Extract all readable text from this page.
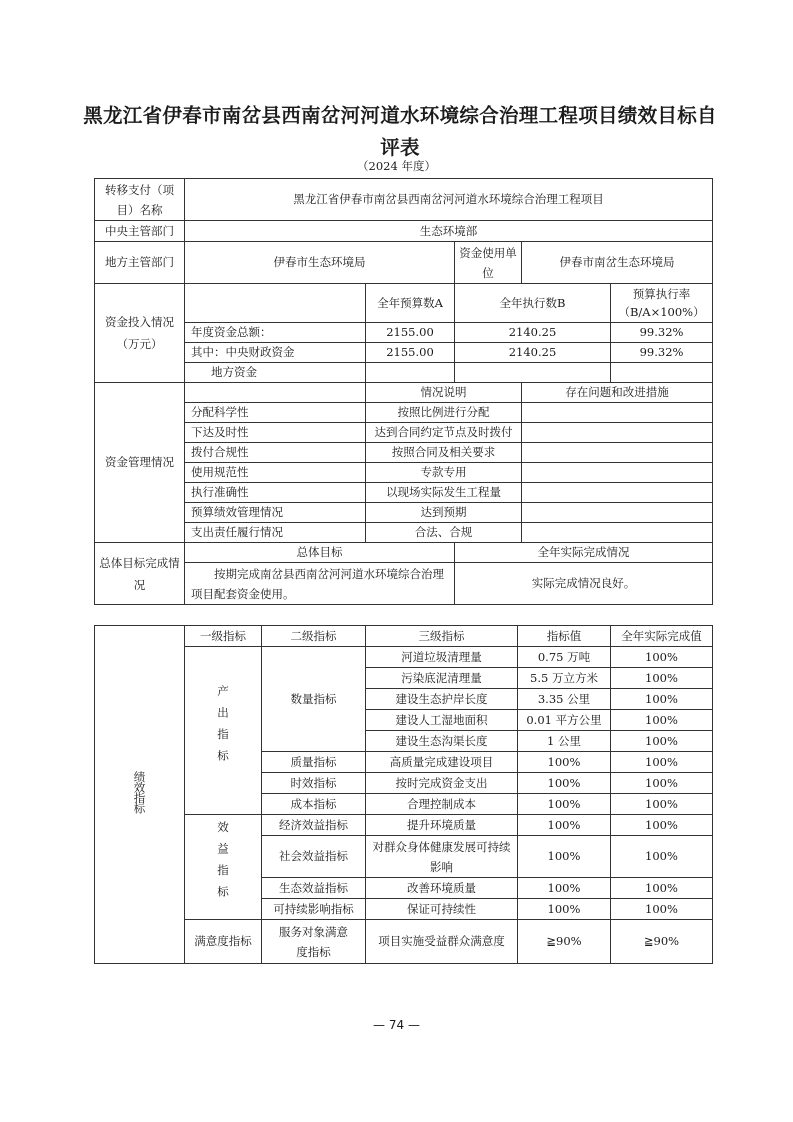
黑龙江省伊春市南岔县西南岔河河道水环境综合治理工程项目绩效目标自评表
（2024 年度）
转移支付（项目）名称	黑龙江省伊春市南岔县西南岔河河道水环境综合治理工程项目				
中央主管部门	生态环境部				
地方主管部门	伊春市生态环境局		资金使用单位	伊春市南岔生态环境局	
资金投入情况（万元）		全年预算数A	全年执行数B		预算执行率（B/A×100%）
	年度资金总额：	2155.00	2140.25		99.32%
	其中：中央财政资金	2155.00	2140.25		99.32%
	地方资金				
资金管理情况		情况说明		存在问题和改进措施	
	分配科学性	按照比例进行分配			
	下达及时性	达到合同约定节点及时拨付			
	拨付合规性	按照合同及相关要求			
	使用规范性	专款专用			
	执行准确性	以现场实际发生工程量			
	预算绩效管理情况	达到预期			
	支出责任履行情况	合法、合规			
总体目标完成情况	总体目标		全年实际完成情况		
	按期完成南岔县西南岔河河道水环境综合治理项目配套资金使用。		实际完成情况良好。		
绩效指标	一级指标	二级指标	三级指标	指标值	全年实际完成值
	产出指标	数量指标	河道垃圾清理量	0.75 万吨	100%
			污染底泥清理量	5.5 万立方米	100%
			建设生态护岸长度	3.35 公里	100%
			建设人工湿地面积	0.01 平方公里	100%
			建设生态沟渠长度	1 公里	100%
		质量指标	高质量完成建设项目	100%	100%
		时效指标	按时完成资金支出	100%	100%
		成本指标	合理控制成本	100%	100%
	效益指标	经济效益指标	提升环境质量	100%	100%
		社会效益指标	对群众身体健康发展可持续影响	100%	100%
		生态效益指标	改善环境质量	100%	100%
		可持续影响指标	保证可持续性	100%	100%
	满意度指标	服务对象满意度指标	项目实施受益群众满意度	≧90%	≧90%
— 74 —
